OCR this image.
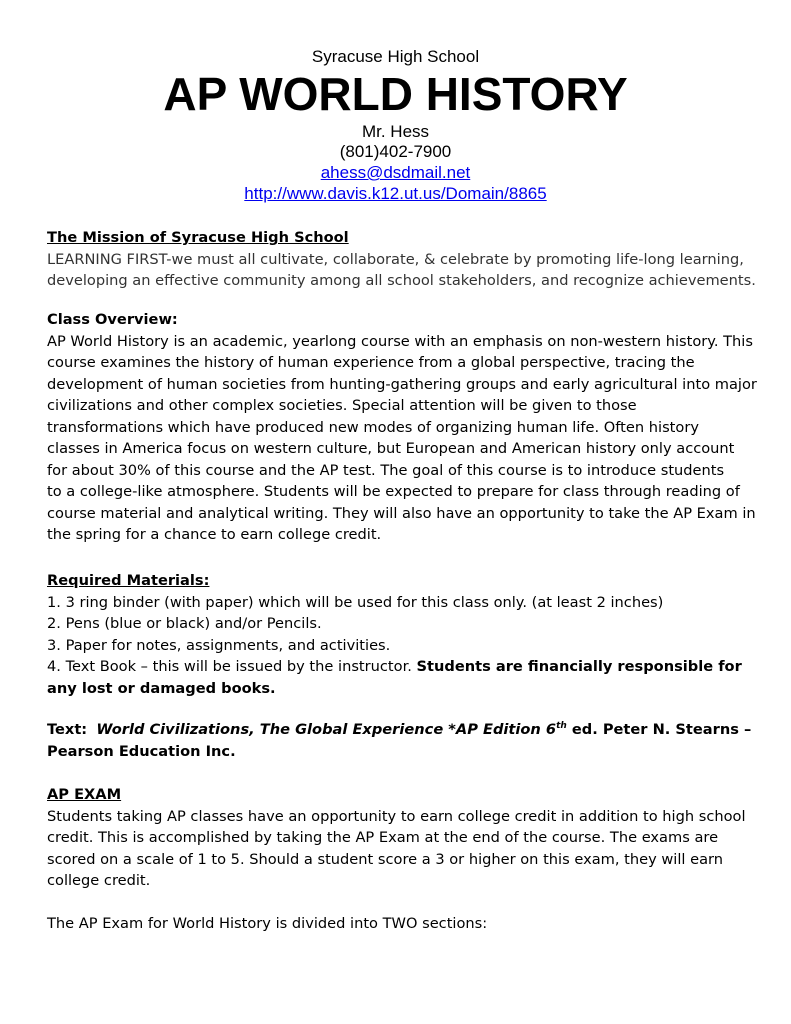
Syracuse High School
AP WORLD HISTORY
Mr. Hess
(801)402-7900
ahess@dsdmail.net
http://www.davis.k12.ut.us/Domain/8865
The Mission of Syracuse High School
LEARNING FIRST-we must all cultivate, collaborate, & celebrate by promoting life-long learning,
developing an effective community among all school stakeholders, and recognize achievements.
Class Overview:
AP World History is an academic, yearlong course with an emphasis on non-western history. This
course examines the history of human experience from a global perspective, tracing the
development of human societies from hunting-gathering groups and early agricultural into major
civilizations and other complex societies. Special attention will be given to those
transformations which have produced new modes of organizing human life. Often history
classes in America focus on western culture, but European and American history only account
for about 30% of this course and the AP test. The goal of this course is to introduce students
to a college-like atmosphere. Students will be expected to prepare for class through reading of
course material and analytical writing. They will also have an opportunity to take the AP Exam in
the spring for a chance to earn college credit.
Required Materials:
1. 3 ring binder (with paper) which will be used for this class only. (at least 2 inches)
2. Pens (blue or black) and/or Pencils.
3. Paper for notes, assignments, and activities.
4. Text Book – this will be issued by the instructor. Students are financially responsible for
any lost or damaged books.
Text: World Civilizations, The Global Experience *AP Edition 6th ed. Peter N. Stearns –
Pearson Education Inc.
AP EXAM
Students taking AP classes have an opportunity to earn college credit in addition to high school
credit. This is accomplished by taking the AP Exam at the end of the course. The exams are
scored on a scale of 1 to 5. Should a student score a 3 or higher on this exam, they will earn
college credit.
The AP Exam for World History is divided into TWO sections:
